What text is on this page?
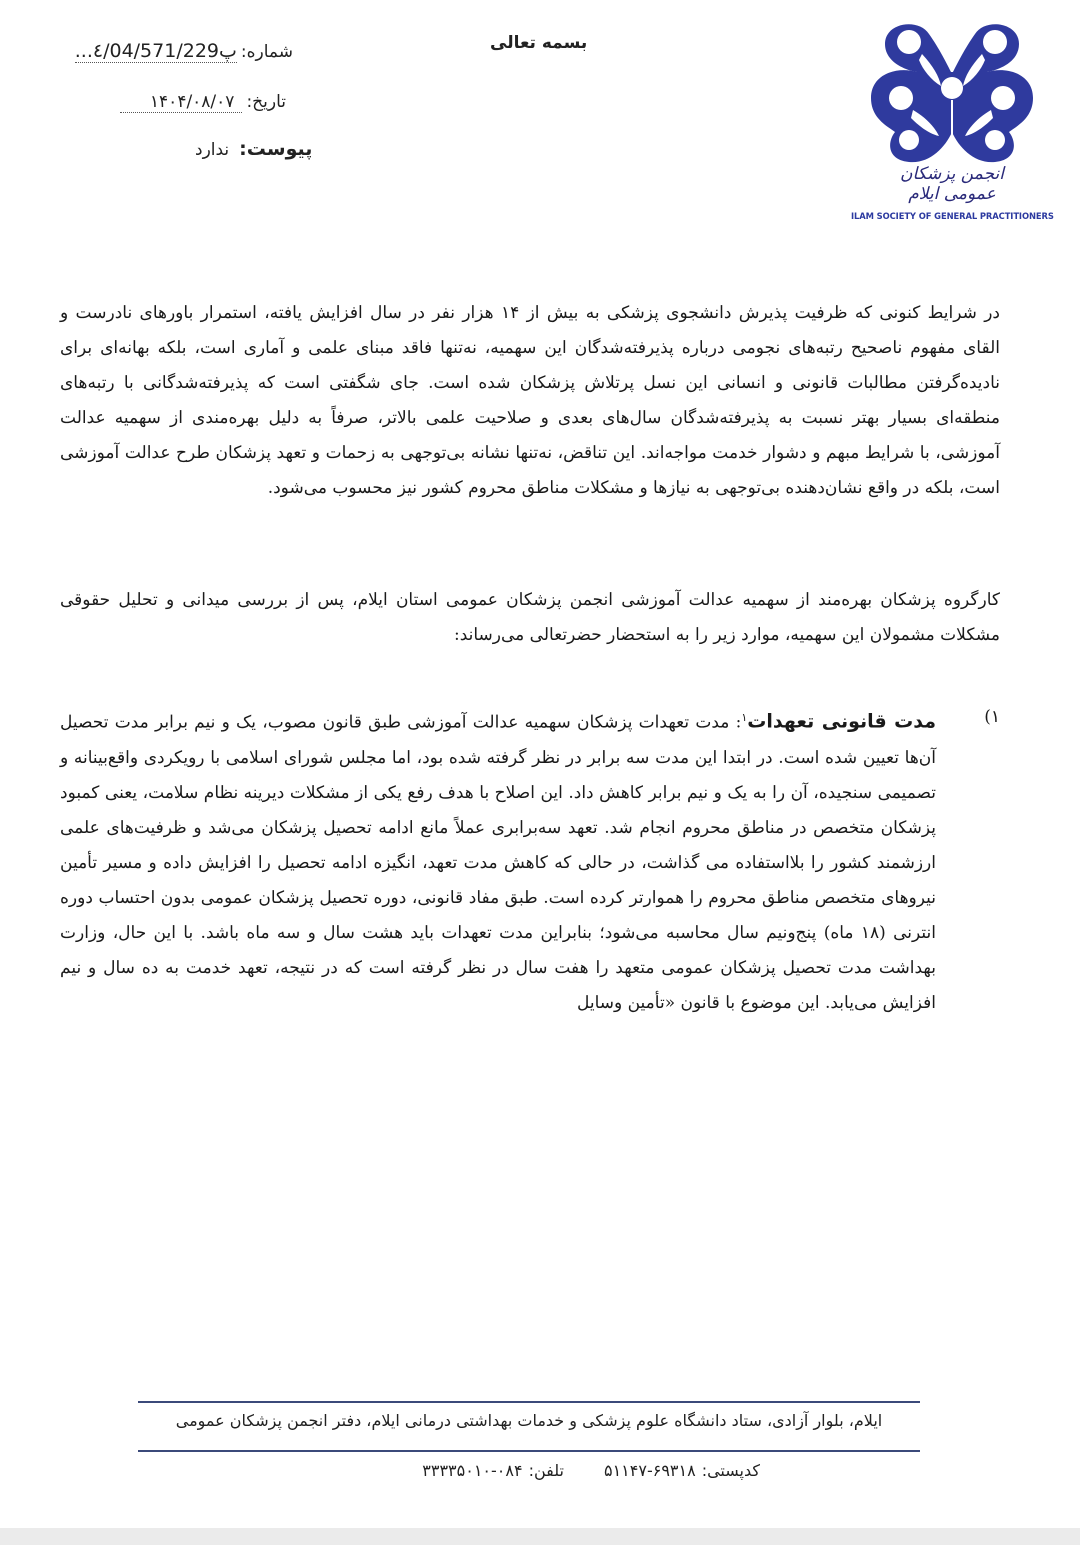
شماره:
پ٤/04/571/229...
تاریخ:
۱۴۰۴/۰۸/۰۷
پیوست:
ندارد
بسمه تعالی
انجمن پزشکان عمومی ایلام
ILAM SOCIETY OF GENERAL PRACTITIONERS

در شرایط کنونی که ظرفیت پذیرش دانشجوی پزشکی به بیش از ۱۴ هزار نفر در سال افزایش یافته، استمرار باورهای نادرست و القای مفهوم ناصحیح رتبه‌های نجومی درباره پذیرفته‌شدگان این سهمیه، نه‌تنها فاقد مبنای علمی و آماری است، بلکه بهانه‌ای برای نادیده‌گرفتن مطالبات قانونی و انسانی این نسل پرتلاش پزشکان شده است. جای شگفتی است که پذیرفته‌شدگانی با رتبه‌های منطقه‌ای بسیار بهتر نسبت به پذیرفته‌شدگان سال‌های بعدی و صلاحیت علمی بالاتر، صرفاً به دلیل بهره‌مندی از سهمیه عدالت آموزشی، با شرایط مبهم و دشوار خدمت مواجه‌اند. این تناقض، نه‌تنها نشانه بی‌توجهی به زحمات و تعهد پزشکان طرح عدالت آموزشی است، بلکه در واقع نشان‌دهنده بی‌توجهی به نیازها و مشکلات مناطق محروم کشور نیز محسوب می‌شود.

کارگروه پزشکان بهره‌مند از سهمیه عدالت آموزشی انجمن پزشکان عمومی استان ایلام، پس از بررسی میدانی و تحلیل حقوقی مشکلات مشمولان این سهمیه، موارد زیر را به استحضار حضرتعالی می‌رساند:

۱)
مدت قانونی تعهدات$^۱$: مدت تعهدات پزشکان سهمیه عدالت آموزشی طبق قانون مصوب، یک و نیم برابر مدت تحصیل آن‌ها تعیین شده است. در ابتدا این مدت سه برابر در نظر گرفته شده بود، اما مجلس شورای اسلامی با رویکردی واقع‌بینانه و تصمیمی سنجیده، آن را به یک و نیم برابر کاهش داد. این اصلاح با هدف رفع یکی از مشکلات دیرینه نظام سلامت، یعنی کمبود پزشکان متخصص در مناطق محروم انجام شد. تعهد سه‌برابری عملاً مانع ادامه تحصیل پزشکان می‌شد و ظرفیت‌های علمی ارزشمند کشور را بلااستفاده می گذاشت، در حالی که کاهش مدت تعهد، انگیزه ادامه تحصیل را افزایش داده و مسیر تأمین نیروهای متخصص مناطق محروم را هموارتر کرده است. طبق مفاد قانونی، دوره تحصیل پزشکان عمومی بدون احتساب دوره انترنی (۱۸ ماه) پنج‌ونیم سال محاسبه می‌شود؛ بنابراین مدت تعهدات باید هشت سال و سه ماه باشد. با این حال، وزارت بهداشت مدت تحصیل پزشکان عمومی متعهد را هفت سال در نظر گرفته است که در نتیجه، تعهد خدمت به ده سال و نیم افزایش می‌یابد. این موضوع با قانون «تأمین وسایل
ایلام، بلوار آزادی، ستاد دانشگاه علوم پزشکی و خدمات بهداشتی درمانی ایلام، دفتر انجمن پزشکان عمومی
کدپستی:۶۹۳۱۸-۵۱۱۴۷تلفن:۰۸۴-۳۳۳۳۵۰۱۰
